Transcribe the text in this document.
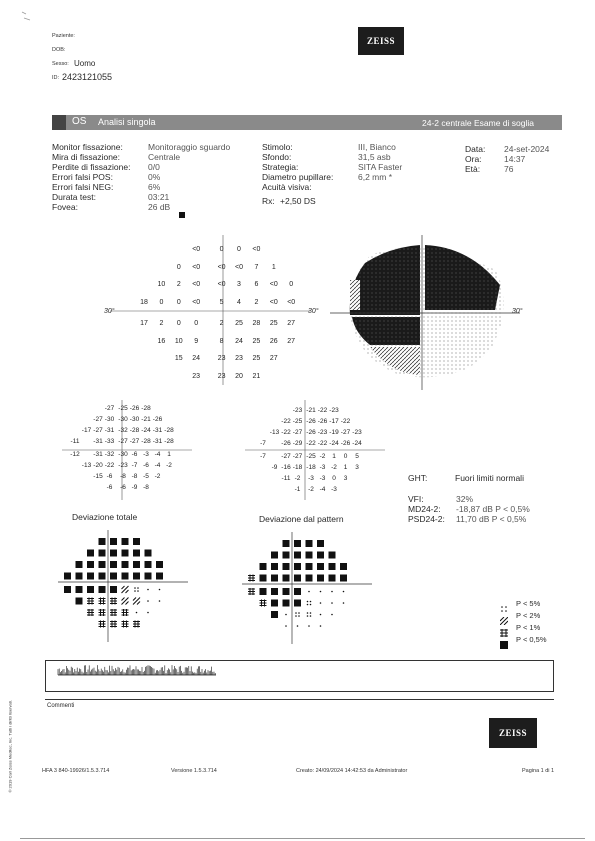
Paziente:
DOB:
Sesso: Uomo
ID: 2423121055
ZEISS
OS Analisi singola	24-2 centrale Esame di soglia
Monitor fissazione:	Monitoraggio sguardo
Mira di fissazione:	Centrale
Perdite di fissazione: 0/0
Errori falsi POS:	0%
Errori falsi NEG:	6%
Durata test:	03:21
Fovea:	26 dB
Stimolo:	III, Bianco
Sfondo:	31,5 asb
Strategia:	SITA Faster
Diametro pupillare:	6,2 mm *
Acuità visiva:
Rx: +2,50 DS
Data: 24-set-2024
Ora:	14:37
Età:	76
<0	0	0	<0
0	<0	<0	<0	7	1
10	2	<0	<0	3	6	<0	0
18	0	0	<0	5	4	2	<0	<0
17	2	0	0	2	25	28	25	27
16	10	9	8	24	25	26	27
15	24	23	23	25	27
23	23	20	21
30°	30°	30°
-27 -25 -26 -28
-27 -30 -30 -30 -21 -26
-17 -27 -31 -32 -28 -24 -31 -28
-11 -31 -33 -27 -27 -28 -31 -28
-12 -31 -32 -30 -6 -3 -4	1
-13 -20 -22 -23 -7 -6 -4 -2
-15 -6	-8 -8 -5 -2
-6	-6 -9 -8
-23 -21 -22 -23
-22 -25 -26 -26 -17 -22
-13 -22 -27 -26 -23 -19 -27 -23
-7	-26 -29 -22 -22 -24 -26 -24
-7	-27 -27 -25 -2	1	0	5
-9 -16 -18 -18 -3 -2	1	3
-11 -2	-3 -3	0	3
-1	-2 -4 -3
GHT:	Fuori limiti normali
VFI:	32%
MD24-2: -18,87 dB P < 0,5%
PSD24-2: 11,70 dB P < 0,5%
Deviazione totale	Deviazione dal pattern
P < 5%
P < 2%
P < 1%
P < 0,5%
Commenti
ZEISS
© 2019 Carl Zeiss Meditec, Inc. Tutti i diritti riservati.	HFA 3 840-19926/1.5.3.714	Versione 1.5.3.714	Creato: 24/09/2024 14:42:53 da Administrator	Pagina 1 di 1
